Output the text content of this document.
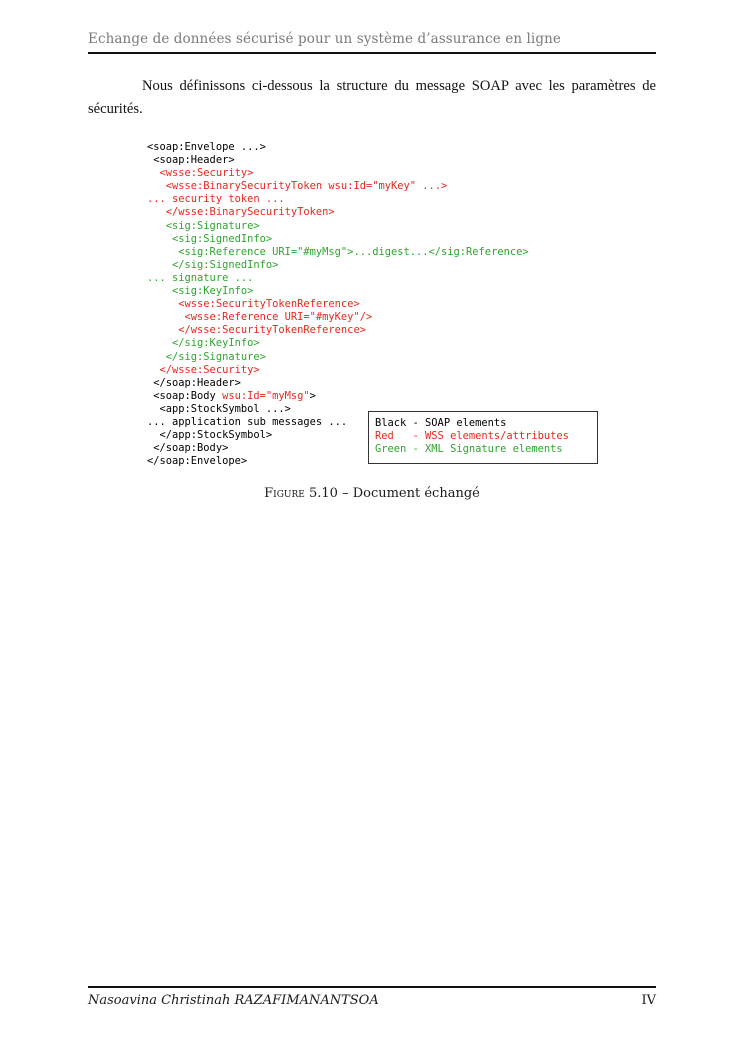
Echange de données sécurisé pour un système d’assurance en ligne

Nous définissons ci-dessous la structure du message SOAP avec les paramètres de sécurités.

<soap:Envelope ...>
<soap:Header>
<wsse:Security>
<wsse:BinarySecurityToken wsu:Id="myKey" ...>
... security token ...
</wsse:BinarySecurityToken>
<sig:Signature>
<sig:SignedInfo>
<sig:Reference URI="#myMsg">...digest...</sig:Reference>
</sig:SignedInfo>
... signature ...
<sig:KeyInfo>
<wsse:SecurityTokenReference>
<wsse:Reference URI="#myKey"/>
</wsse:SecurityTokenReference>
</sig:KeyInfo>
</sig:Signature>
</wsse:Security>
</soap:Header>
<soap:Body wsu:Id="myMsg">
<app:StockSymbol ...>
... application sub messages ...
</app:StockSymbol>
</soap:Body>
</soap:Envelope>
Black - SOAP elements
Red   - WSS elements/attributes
Green - XML Signature elements
Figure 5.10 – Document échangé
Nasoavina Christinah RAZAFIMANANTSOA	IV
